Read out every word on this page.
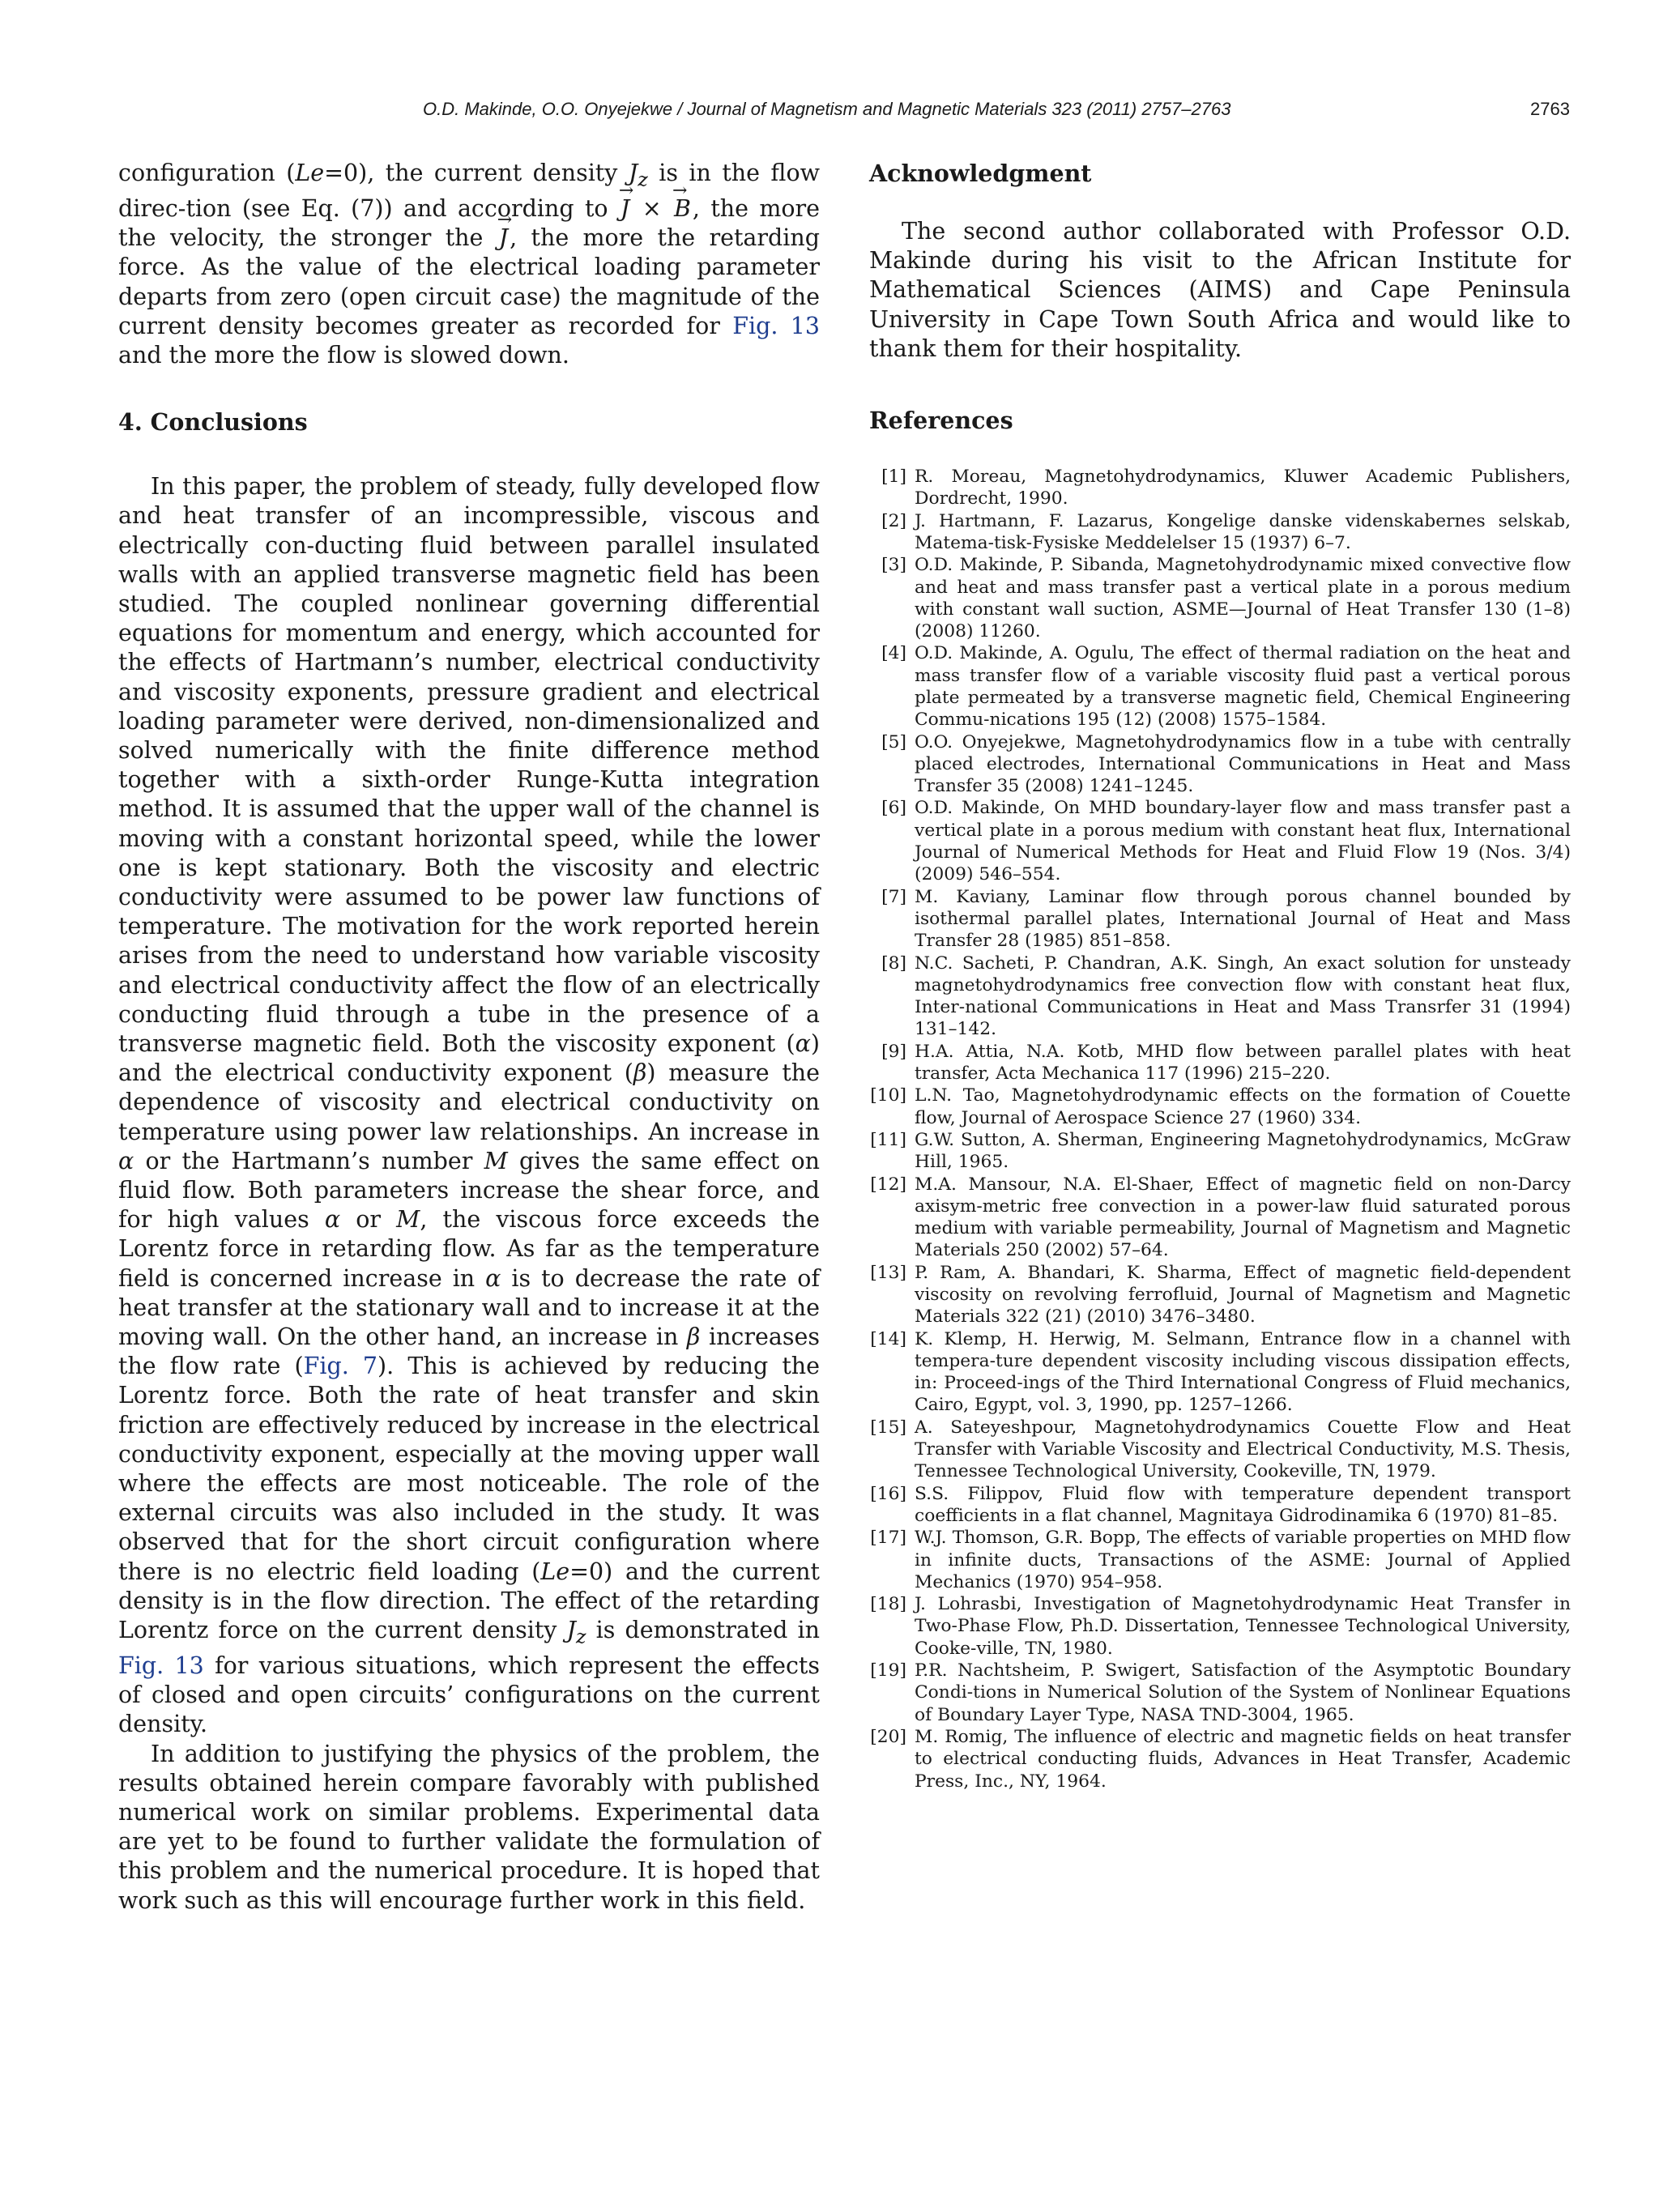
O.D. Makinde, O.O. Onyejekwe / Journal of Magnetism and Magnetic Materials 323 (2011) 2757–2763	2763

configuration (Le=0), the current density $J_z$ is in the flow direc-tion (see Eq. (7)) and according to → J × → B, the more the velocity, the stronger the → J, the more the retarding force. As the value of the electrical loading parameter departs from zero (open circuit case) the magnitude of the current density becomes greater as recorded for Fig. 13 and the more the flow is slowed down.

4. Conclusions

In this paper, the problem of steady, fully developed flow and heat transfer of an incompressible, viscous and electrically con-ducting fluid between parallel insulated walls with an applied transverse magnetic field has been studied. The coupled nonlinear governing differential equations for momentum and energy, which accounted for the effects of Hartmann’s number, electrical conductivity and viscosity exponents, pressure gradient and electrical loading parameter were derived, non-dimensionalized and solved numerically with the finite difference method together with a sixth-order Runge-Kutta integration method. It is assumed that the upper wall of the channel is moving with a constant horizontal speed, while the lower one is kept stationary. Both the viscosity and electric conductivity were assumed to be power law functions of temperature. The motivation for the work reported herein arises from the need to understand how variable viscosity and electrical conductivity affect the flow of an electrically conducting fluid through a tube in the presence of a transverse magnetic field. Both the viscosity exponent (α) and the electrical conductivity exponent (β) measure the dependence of viscosity and electrical conductivity on temperature using power law relationships. An increase in α or the Hartmann’s number M gives the same effect on fluid flow. Both parameters increase the shear force, and for high values α or M, the viscous force exceeds the Lorentz force in retarding flow. As far as the temperature field is concerned increase in α is to decrease the rate of heat transfer at the stationary wall and to increase it at the moving wall. On the other hand, an increase in β increases the flow rate (Fig. 7). This is achieved by reducing the Lorentz force. Both the rate of heat transfer and skin friction are effectively reduced by increase in the electrical conductivity exponent, especially at the moving upper wall where the effects are most noticeable. The role of the external circuits was also included in the study. It was observed that for the short circuit configuration where there is no electric field loading (Le=0) and the current density is in the flow direction. The effect of the retarding Lorentz force on the current density $J_z$ is demonstrated in Fig. 13 for various situations, which represent the effects of closed and open circuits’ configurations on the current density.

In addition to justifying the physics of the problem, the results obtained herein compare favorably with published numerical work on similar problems. Experimental data are yet to be found to further validate the formulation of this problem and the numerical procedure. It is hoped that work such as this will encourage further work in this field.

Acknowledgment

The second author collaborated with Professor O.D. Makinde during his visit to the African Institute for Mathematical Sciences (AIMS) and Cape Peninsula University in Cape Town South Africa and would like to thank them for their hospitality.

References
[1] R. Moreau, Magnetohydrodynamics, Kluwer Academic Publishers, Dordrecht, 1990.
[2] J. Hartmann, F. Lazarus, Kongelige danske videnskabernes selskab, Matema-tisk-Fysiske Meddelelser 15 (1937) 6–7.
[3] O.D. Makinde, P. Sibanda, Magnetohydrodynamic mixed convective flow and heat and mass transfer past a vertical plate in a porous medium with constant wall suction, ASME—Journal of Heat Transfer 130 (1–8) (2008) 11260.
[4] O.D. Makinde, A. Ogulu, The effect of thermal radiation on the heat and mass transfer flow of a variable viscosity fluid past a vertical porous plate permeated by a transverse magnetic field, Chemical Engineering Commu-nications 195 (12) (2008) 1575–1584.
[5] O.O. Onyejekwe, Magnetohydrodynamics flow in a tube with centrally placed electrodes, International Communications in Heat and Mass Transfer 35 (2008) 1241–1245.
[6] O.D. Makinde, On MHD boundary-layer flow and mass transfer past a vertical plate in a porous medium with constant heat flux, International Journal of Numerical Methods for Heat and Fluid Flow 19 (Nos. 3/4) (2009) 546–554.
[7] M. Kaviany, Laminar flow through porous channel bounded by isothermal parallel plates, International Journal of Heat and Mass Transfer 28 (1985) 851–858.
[8] N.C. Sacheti, P. Chandran, A.K. Singh, An exact solution for unsteady magnetohydrodynamics free convection flow with constant heat flux, Inter-national Communications in Heat and Mass Transrfer 31 (1994) 131–142.
[9] H.A. Attia, N.A. Kotb, MHD flow between parallel plates with heat transfer, Acta Mechanica 117 (1996) 215–220.
[10] L.N. Tao, Magnetohydrodynamic effects on the formation of Couette flow, Journal of Aerospace Science 27 (1960) 334.
[11] G.W. Sutton, A. Sherman, Engineering Magnetohydrodynamics, McGraw Hill, 1965.
[12] M.A. Mansour, N.A. El-Shaer, Effect of magnetic field on non-Darcy axisym-metric free convection in a power-law fluid saturated porous medium with variable permeability, Journal of Magnetism and Magnetic Materials 250 (2002) 57–64.
[13] P. Ram, A. Bhandari, K. Sharma, Effect of magnetic field-dependent viscosity on revolving ferrofluid, Journal of Magnetism and Magnetic Materials 322 (21) (2010) 3476–3480.
[14] K. Klemp, H. Herwig, M. Selmann, Entrance flow in a channel with tempera-ture dependent viscosity including viscous dissipation effects, in: Proceed-ings of the Third International Congress of Fluid mechanics, Cairo, Egypt, vol. 3, 1990, pp. 1257–1266.
[15] A. Sateyeshpour, Magnetohydrodynamics Couette Flow and Heat Transfer with Variable Viscosity and Electrical Conductivity, M.S. Thesis, Tennessee Technological University, Cookeville, TN, 1979.
[16] S.S. Filippov, Fluid flow with temperature dependent transport coefficients in a flat channel, Magnitaya Gidrodinamika 6 (1970) 81–85.
[17] W.J. Thomson, G.R. Bopp, The effects of variable properties on MHD flow in infinite ducts, Transactions of the ASME: Journal of Applied Mechanics (1970) 954–958.
[18] J. Lohrasbi, Investigation of Magnetohydrodynamic Heat Transfer in Two-Phase Flow, Ph.D. Dissertation, Tennessee Technological University, Cooke-ville, TN, 1980.
[19] P.R. Nachtsheim, P. Swigert, Satisfaction of the Asymptotic Boundary Condi-tions in Numerical Solution of the System of Nonlinear Equations of Boundary Layer Type, NASA TND-3004, 1965.
[20] M. Romig, The influence of electric and magnetic fields on heat transfer to electrical conducting fluids, Advances in Heat Transfer, Academic Press, Inc., NY, 1964.
